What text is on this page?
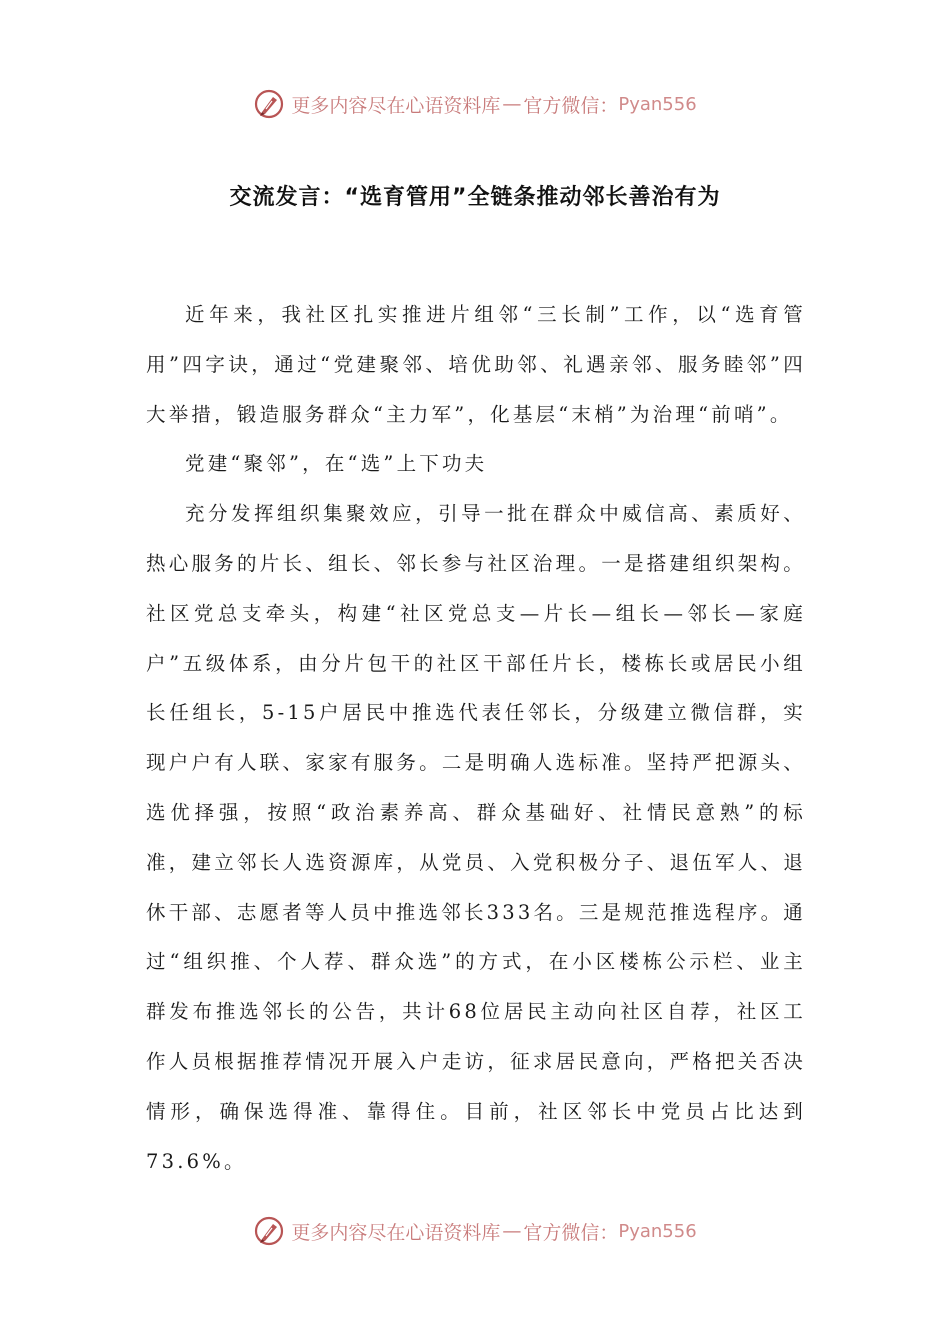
更多内容尽在心语资料库 — 官方微信： Pyan556
交流发言：“选育管用”全链条推动邻长善治有为

近年来，我社区扎实推进片组邻“三长制”工作，以“选育管用”四字诀，通过“党建聚邻、培优助邻、礼遇亲邻、服务睦邻”四大举措，锻造服务群众“主力军”，化基层“末梢”为治理“前哨”。

党建“聚邻”，在“选”上下功夫

充分发挥组织集聚效应，引导一批在群众中威信高、素质好、热心服务的片长、组长、邻长参与社区治理。一是搭建组织架构。社区党总支牵头，构建“社区党总支—片长—组长—邻长—家庭户”五级体系，由分片包干的社区干部任片长，楼栋长或居民小组长任组长，5-15户居民中推选代表任邻长，分级建立微信群，实现户户有人联、家家有服务。二是明确人选标准。坚持严把源头、选优择强，按照“政治素养高、群众基础好、社情民意熟”的标准，建立邻长人选资源库，从党员、入党积极分子、退伍军人、退休干部、志愿者等人员中推选邻长333名。三是规范推选程序。通过“组织推、个人荐、群众选”的方式，在小区楼栋公示栏、业主群发布推选邻长的公告，共计68位居民主动向社区自荐，社区工作人员根据推荐情况开展入户走访，征求居民意向，严格把关否决情形，确保选得准、靠得住。目前，社区邻长中党员占比达到73.6%。

更多内容尽在心语资料库 — 官方微信： Pyan556
